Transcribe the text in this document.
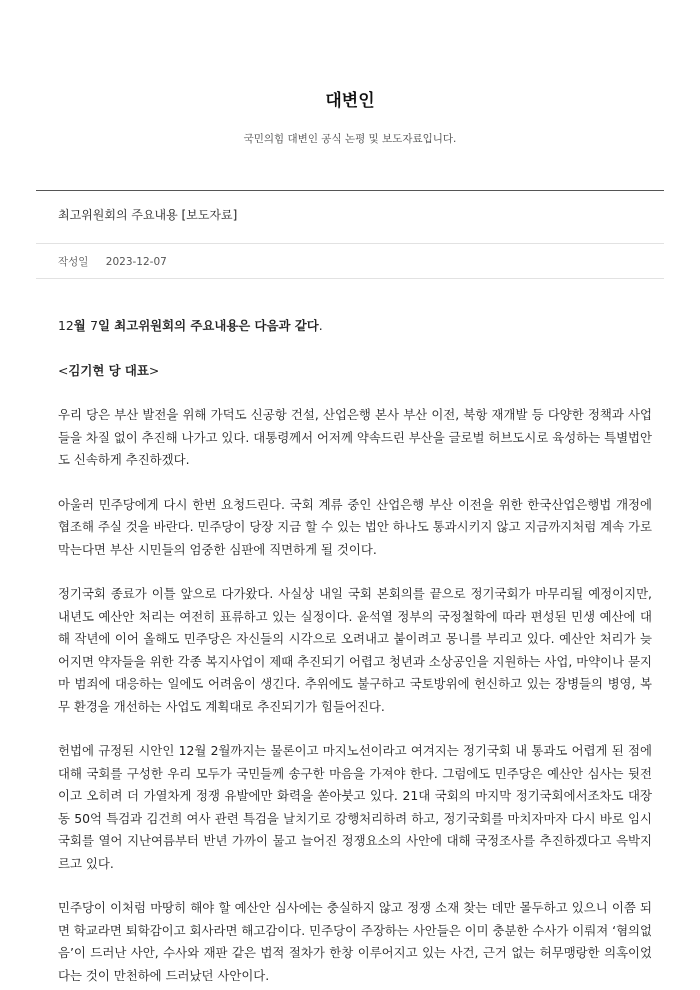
대변인
국민의힘 대변인 공식 논평 및 보도자료입니다.
최고위원회의 주요내용 [보도자료]
작성일 2023-12-07

12월 7일 최고위원회의 주요내용은 다음과 같다.

<김기현 당 대표>

우리 당은 부산 발전을 위해 가덕도 신공항 건설, 산업은행 본사 부산 이전, 북항 재개발 등 다양한 정책과 사업들을 차질 없이 추진해 나가고 있다. 대통령께서 어저께 약속드린 부산을 글로벌 허브도시로 육성하는 특별법안도 신속하게 추진하겠다.

아울러 민주당에게 다시 한번 요청드린다. 국회 계류 중인 산업은행 부산 이전을 위한 한국산업은행법 개정에 협조해 주실 것을 바란다. 민주당이 당장 지금 할 수 있는 법안 하나도 통과시키지 않고 지금까지처럼 계속 가로막는다면 부산 시민들의 엄중한 심판에 직면하게 될 것이다.

정기국회 종료가 이틀 앞으로 다가왔다. 사실상 내일 국회 본회의를 끝으로 정기국회가 마무리될 예정이지만, 내년도 예산안 처리는 여전히 표류하고 있는 실정이다. 윤석열 정부의 국정철학에 따라 편성된 민생 예산에 대해 작년에 이어 올해도 민주당은 자신들의 시각으로 오려내고 붙이려고 몽니를 부리고 있다. 예산안 처리가 늦어지면 약자들을 위한 각종 복지사업이 제때 추진되기 어렵고 청년과 소상공인을 지원하는 사업, 마약이나 묻지마 범죄에 대응하는 일에도 어려움이 생긴다. 추위에도 불구하고 국토방위에 헌신하고 있는 장병들의 병영, 복무 환경을 개선하는 사업도 계획대로 추진되기가 힘들어진다.

헌법에 규정된 시안인 12월 2월까지는 물론이고 마지노선이라고 여겨지는 정기국회 내 통과도 어렵게 된 점에 대해 국회를 구성한 우리 모두가 국민들께 송구한 마음을 가져야 한다. 그럼에도 민주당은 예산안 심사는 뒷전이고 오히려 더 가열차게 정쟁 유발에만 화력을 쏟아붓고 있다. 21대 국회의 마지막 정기국회에서조차도 대장동 50억 특검과 김건희 여사 관련 특검을 날치기로 강행처리하려 하고, 정기국회를 마치자마자 다시 바로 임시국회를 열어 지난여름부터 반년 가까이 물고 늘어진 정쟁요소의 사안에 대해 국정조사를 추진하겠다고 윽박지르고 있다.

민주당이 이처럼 마땅히 해야 할 예산안 심사에는 충실하지 않고 정쟁 소재 찾는 데만 몰두하고 있으니 이쯤 되면 학교라면 퇴학감이고 회사라면 해고감이다. 민주당이 주장하는 사안들은 이미 충분한 수사가 이뤄져 ‘혐의없음’이 드러난 사안, 수사와 재판 같은 법적 절차가 한창 이루어지고 있는 사건, 근거 없는 허무맹랑한 의혹이었다는 것이 만천하에 드러났던 사안이다.
